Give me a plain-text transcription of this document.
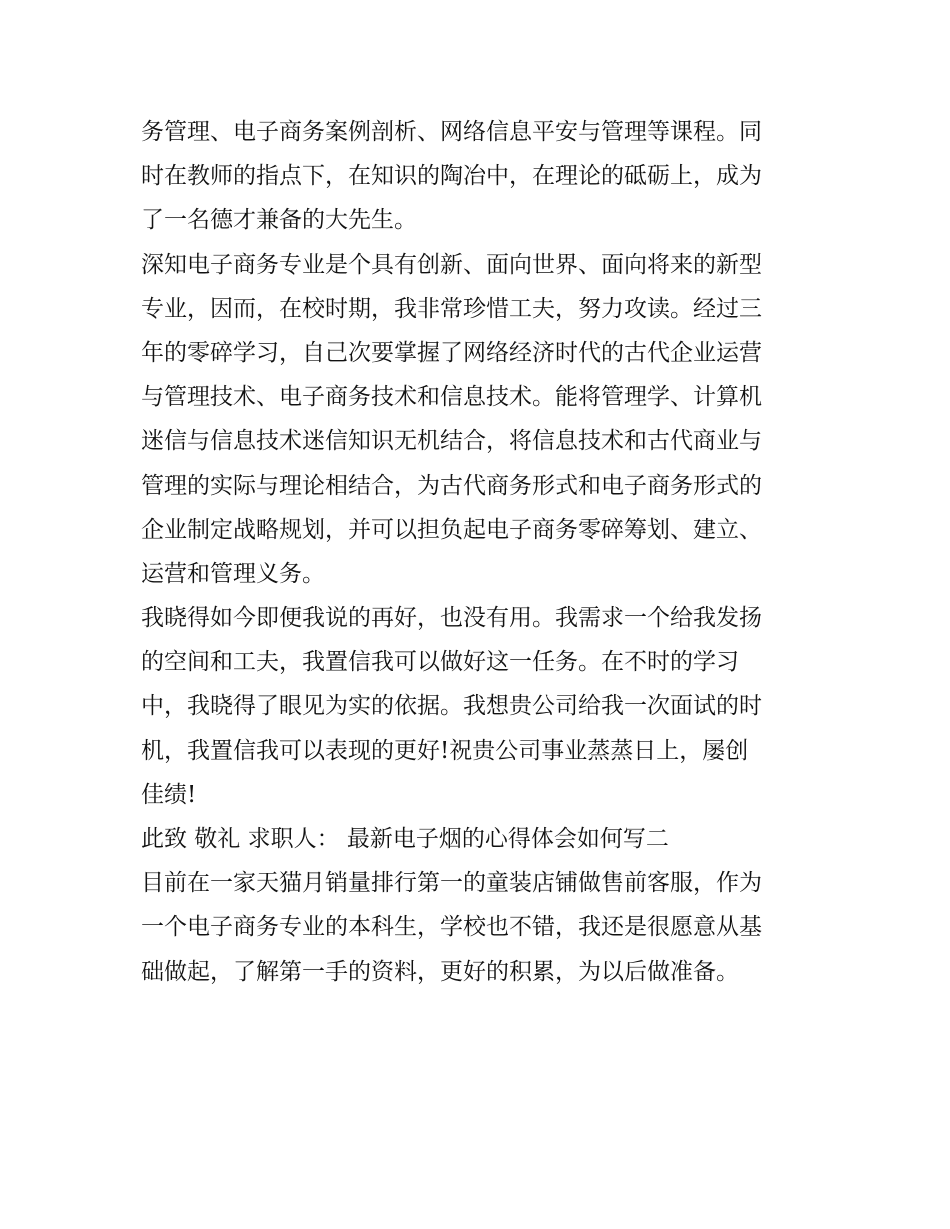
务管理、电子商务案例剖析、网络信息平安与管理等课程。同
时在教师的指点下，在知识的陶冶中，在理论的砥砺上，成为
了一名德才兼备的大先生。
深知电子商务专业是个具有创新、面向世界、面向将来的新型
专业，因而，在校时期，我非常珍惜工夫，努力攻读。经过三
年的零碎学习，自己次要掌握了网络经济时代的古代企业运营
与管理技术、电子商务技术和信息技术。能将管理学、计算机
迷信与信息技术迷信知识无机结合，将信息技术和古代商业与
管理的实际与理论相结合，为古代商务形式和电子商务形式的
企业制定战略规划，并可以担负起电子商务零碎筹划、建立、
运营和管理义务。
我晓得如今即便我说的再好，也没有用。我需求一个给我发扬
的空间和工夫，我置信我可以做好这一任务。在不时的学习
中，我晓得了眼见为实的依据。我想贵公司给我一次面试的时
机，我置信我可以表现的更好!祝贵公司事业蒸蒸日上，屡创
佳绩!
此致 敬礼 求职人： 最新电子烟的心得体会如何写二
目前在一家天猫月销量排行第一的童装店铺做售前客服，作为
一个电子商务专业的本科生，学校也不错，我还是很愿意从基
础做起，了解第一手的资料，更好的积累，为以后做准备。
